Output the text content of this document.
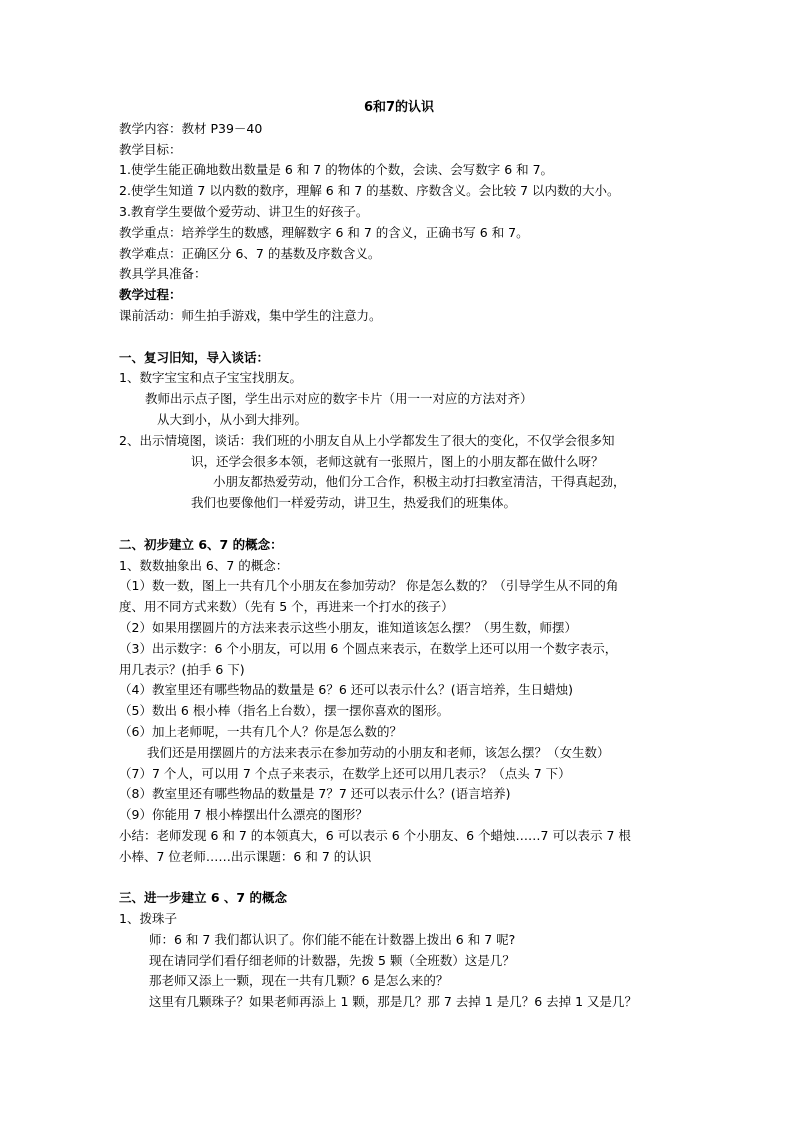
6和7的认识
教学内容：教材 P39－40
教学目标：
1.使学生能正确地数出数量是 6 和 7 的物体的个数，会读、会写数字 6 和 7。
2.使学生知道 7 以内数的数序，理解 6 和 7 的基数、序数含义。会比较 7 以内数的大小。
3.教育学生要做个爱劳动、讲卫生的好孩子。
教学重点：培养学生的数感，理解数字 6 和 7 的含义，正确书写 6 和 7。
教学难点：正确区分 6、7 的基数及序数含义。
教具学具准备：
教学过程：
课前活动：师生拍手游戏，集中学生的注意力。
一、复习旧知，导入谈话：
1、数字宝宝和点子宝宝找朋友。
教师出示点子图，学生出示对应的数字卡片（用一一对应的方法对齐）
从大到小，从小到大排列。
2、出示情境图，谈话：我们班的小朋友自从上小学都发生了很大的变化，不仅学会很多知
识，还学会很多本领，老师这就有一张照片，图上的小朋友都在做什么呀？
小朋友都热爱劳动，他们分工合作，积极主动打扫教室清洁，干得真起劲，
我们也要像他们一样爱劳动，讲卫生，热爱我们的班集体。
二、初步建立 6、7 的概念：
1、数数抽象出 6、7 的概念：
（1）数一数，图上一共有几个小朋友在参加劳动？ 你是怎么数的？（引导学生从不同的角
度、用不同方式来数）（先有 5 个，再进来一个打水的孩子）
（2）如果用摆圆片的方法来表示这些小朋友，谁知道该怎么摆？（男生数，师摆）
（3）出示数字：6 个小朋友，可以用 6 个圆点来表示，在数学上还可以用一个数字表示，
用几表示？(拍手 6 下)
（4）教室里还有哪些物品的数量是 6？6 还可以表示什么？(语言培养，生日蜡烛)
（5）数出 6 根小棒（指名上台数），摆一摆你喜欢的图形。
（6）加上老师呢，一共有几个人？你是怎么数的？
我们还是用摆圆片的方法来表示在参加劳动的小朋友和老师，该怎么摆？（女生数）
（7）7 个人，可以用 7 个点子来表示，在数学上还可以用几表示？（点头 7 下）
（8）教室里还有哪些物品的数量是 7？7 还可以表示什么？(语言培养)
（9）你能用 7 根小棒摆出什么漂亮的图形？
小结：老师发现 6 和 7 的本领真大，6 可以表示 6 个小朋友、6 个蜡烛……7 可以表示 7 根
小棒、7 位老师……出示课题：6 和 7 的认识
三、进一步建立 6 、7 的概念
1、拨珠子
师：6 和 7 我们都认识了。你们能不能在计数器上拨出 6 和 7 呢?
现在请同学们看仔细老师的计数器，先拨 5 颗（全班数）这是几？
那老师又添上一颗，现在一共有几颗？6 是怎么来的？
这里有几颗珠子？如果老师再添上 1 颗，那是几？那 7 去掉 1 是几？6 去掉 1 又是几？
